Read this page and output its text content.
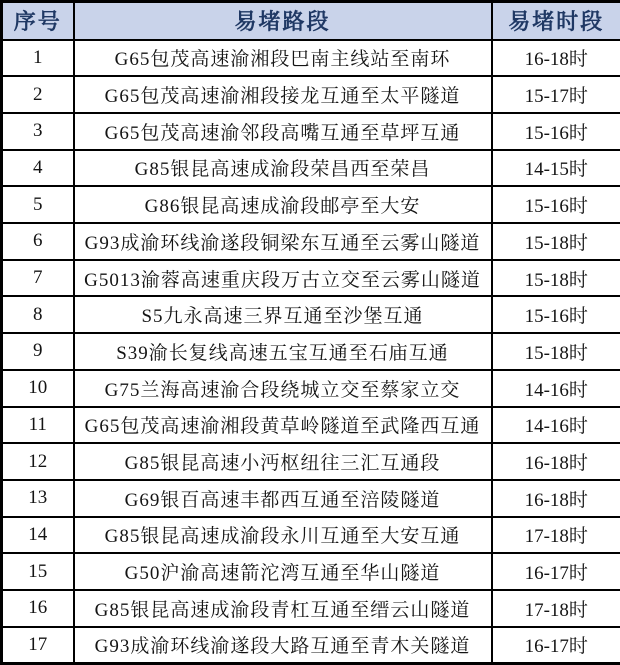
序号	易堵路段	易堵时段
1	G65包茂高速渝湘段巴南主线站至南环	16-18时
2	G65包茂高速渝湘段接龙互通至太平隧道	15-17时
3	G65包茂高速渝邻段高嘴互通至草坪互通	15-16时
4	G85银昆高速成渝段荣昌西至荣昌	14-15时
5	G86银昆高速成渝段邮亭至大安	15-16时
6	G93成渝环线渝遂段铜梁东互通至云雾山隧道	15-18时
7	G5013渝蓉高速重庆段万古立交至云雾山隧道	15-18时
8	S5九永高速三界互通至沙堡互通	15-16时
9	S39渝长复线高速五宝互通至石庙互通	15-18时
10	G75兰海高速渝合段绕城立交至蔡家立交	14-16时
11	G65包茂高速渝湘段黄草岭隧道至武隆西互通	14-16时
12	G85银昆高速小沔枢纽往三汇互通段	16-18时
13	G69银百高速丰都西互通至涪陵隧道	16-18时
14	G85银昆高速成渝段永川互通至大安互通	17-18时
15	G50沪渝高速箭沱湾互通至华山隧道	16-17时
16	G85银昆高速成渝段青杠互通至缙云山隧道	17-18时
17	G93成渝环线渝遂段大路互通至青木关隧道	16-17时
